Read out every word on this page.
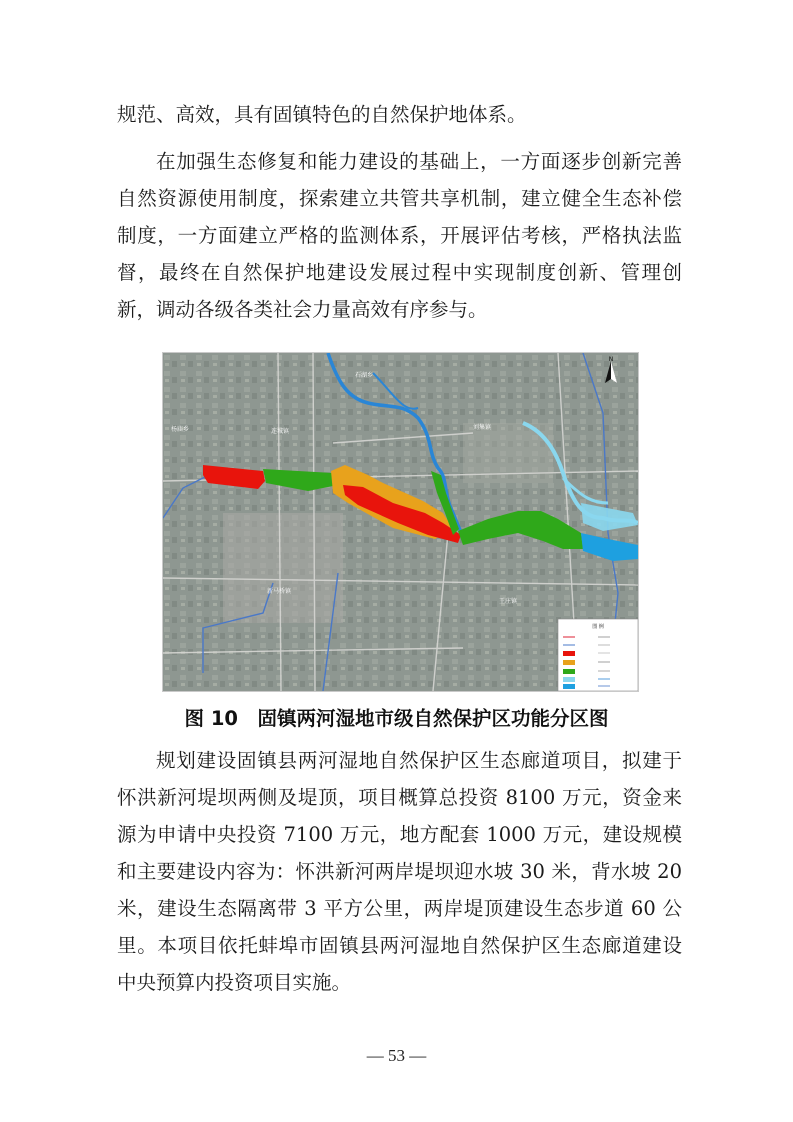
规范、高效，具有固镇特色的自然保护地体系。

在加强生态修复和能力建设的基础上，一方面逐步创新完善自然资源使用制度，探索建立共管共享机制，建立健全生态补偿制度，一方面建立严格的监测体系，开展评估考核，严格执法监督，最终在自然保护地建设发展过程中实现制度创新、管理创新，调动各级各类社会力量高效有序参与。

石湖乡
杨庙乡	连城镇
刘集镇
新马桥镇
王庄镇
N
图 例
图 10　固镇两河湿地市级自然保护区功能分区图

规划建设固镇县两河湿地自然保护区生态廊道项目，拟建于怀洪新河堤坝两侧及堤顶，项目概算总投资 8100 万元，资金来源为申请中央投资 7100 万元，地方配套 1000 万元，建设规模和主要建设内容为：怀洪新河两岸堤坝迎水坡 30 米，背水坡 20 米，建设生态隔离带 3 平方公里，两岸堤顶建设生态步道 60 公里。本项目依托蚌埠市固镇县两河湿地自然保护区生态廊道建设中央预算内投资项目实施。

— 53 —
